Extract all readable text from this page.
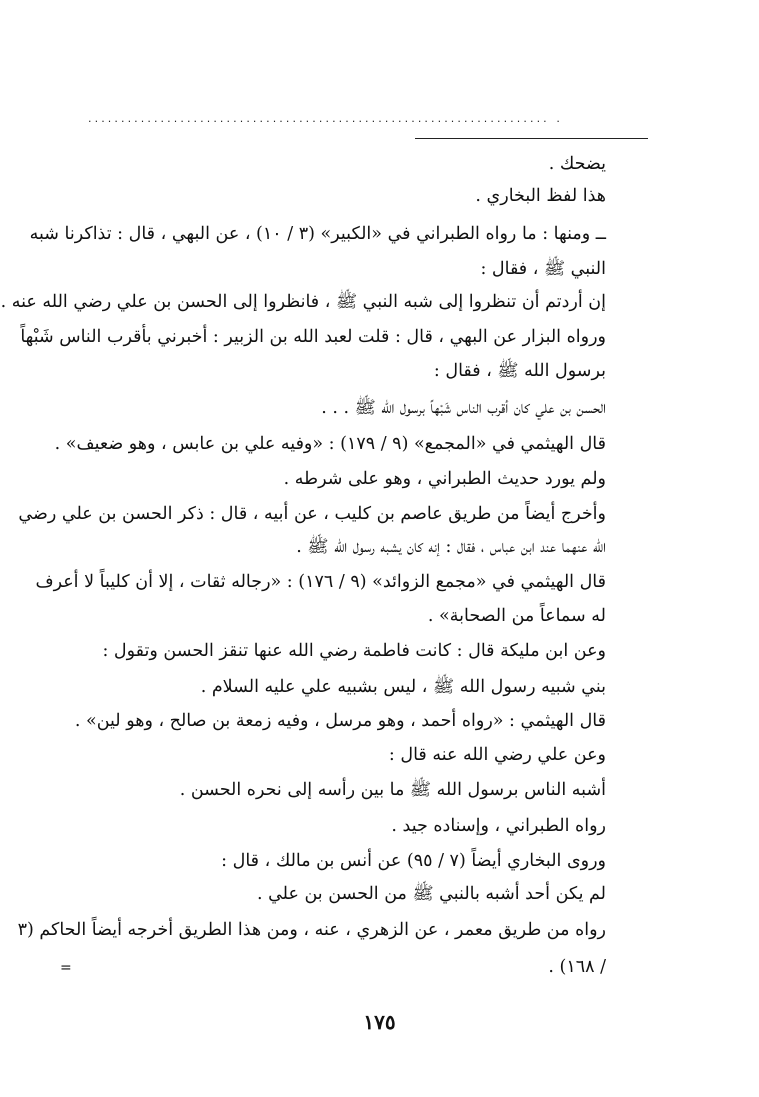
...................................................................... .
يضحك .
هذا لفظ البخاري .
ــ ومنها : ما رواه الطبراني في «الكبير» (٣ / ١٠) ، عن البهي ، قال : تذاكرنا شبه
النبي ﷺ ، فقال :
إن أردتم أن تنظروا إلى شبه النبي ﷺ ، فانظروا إلى الحسن بن علي رضي الله عنه .
ورواه البزار عن البهي ، قال : قلت لعبد الله بن الزبير : أخبرني بأقرب الناس شَبْهاً
برسول الله ﷺ ، فقال :
الحسن بن علي كان أقرب الناس شَبْهاً برسول الله ﷺ . . .
قال الهيثمي في «المجمع» (٩ / ١٧٩) : «وفيه علي بن عابس ، وهو ضعيف» .
ولم يورد حديث الطبراني ، وهو على شرطه .
وأخرج أيضاً من طريق عاصم بن كليب ، عن أبيه ، قال : ذكر الحسن بن علي رضي
الله عنهما عند ابن عباس ، فقال : إنه كان يشبه رسول الله ﷺ .
قال الهيثمي في «مجمع الزوائد» (٩ / ١٧٦) : «رجاله ثقات ، إلا أن كليباً لا أعرف
له سماعاً من الصحابة» .
وعن ابن مليكة قال : كانت فاطمة رضي الله عنها تنقز الحسن وتقول :
بني شبيه رسول الله ﷺ ، ليس بشبيه علي عليه السلام .
قال الهيثمي : «رواه أحمد ، وهو مرسل ، وفيه زمعة بن صالح ، وهو لين» .
وعن علي رضي الله عنه قال :
أشبه الناس برسول الله ﷺ ما بين رأسه إلى نحره الحسن .
رواه الطبراني ، وإسناده جيد .
وروى البخاري أيضاً (٧ / ٩٥) عن أنس بن مالك ، قال :
لم يكن أحد أشبه بالنبي ﷺ من الحسن بن علي .
رواه من طريق معمر ، عن الزهري ، عنه ، ومن هذا الطريق أخرجه أيضاً الحاكم (٣
/ ١٦٨) .
=
١٧٥
